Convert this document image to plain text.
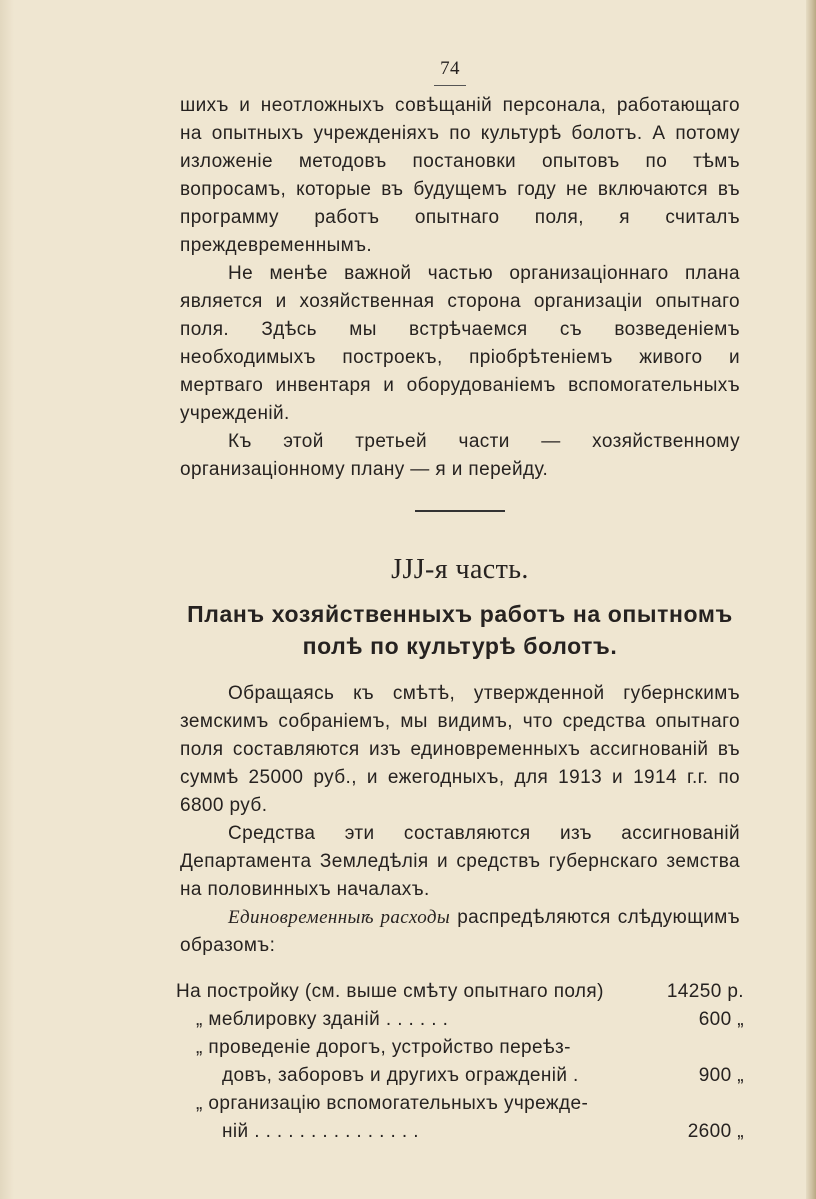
74

шихъ и неотложныхъ совѣщаній персонала, работающаго на опытныхъ учрежденіяхъ по культурѣ болотъ. А потому изложеніе методовъ постановки опытовъ по тѣмъ вопросамъ, которые въ будущемъ году не включаются въ программу работъ опытнаго поля, я считалъ преждевременнымъ.

Не менѣе важной частью организаціоннаго плана является и хозяйственная сторона организаціи опытнаго поля. Здѣсь мы встрѣчаемся съ возведеніемъ необходимыхъ построекъ, пріобрѣтеніемъ живого и мертваго инвентаря и оборудованіемъ вспомогательныхъ учрежденій.

Къ этой третьей части — хозяйственному организаціонному плану — я и перейду.

JJJ-я часть.
Планъ хозяйственныхъ работъ на опытномъ
полѣ по культурѣ болотъ.

Обращаясь къ смѣтѣ, утвержденной губернскимъ земскимъ собраніемъ, мы видимъ, что средства опытнаго поля составляются изъ единовременныхъ ассигнованій въ суммѣ 25000 руб., и ежегодныхъ, для 1913 и 1914 г.г. по 6800 руб.

Средства эти составляются изъ ассигнованій Департамента Земледѣлія и средствъ губернскаго земства на половинныхъ началахъ.

Единовременныѣ расходы распредѣляются слѣдующимъ образомъ:

На постройку (см. выше смѣту опытнаго поля)	14250 р.
„ меблировку зданій . . . . . .	600 „
„ проведеніе дорогъ, устройство переѣз-
довъ, заборовъ и другихъ огражденій .	900 „
„ организацію вспомогательныхъ учрежде-
ній . . . . . . . . . . . . . . .	2600 „
